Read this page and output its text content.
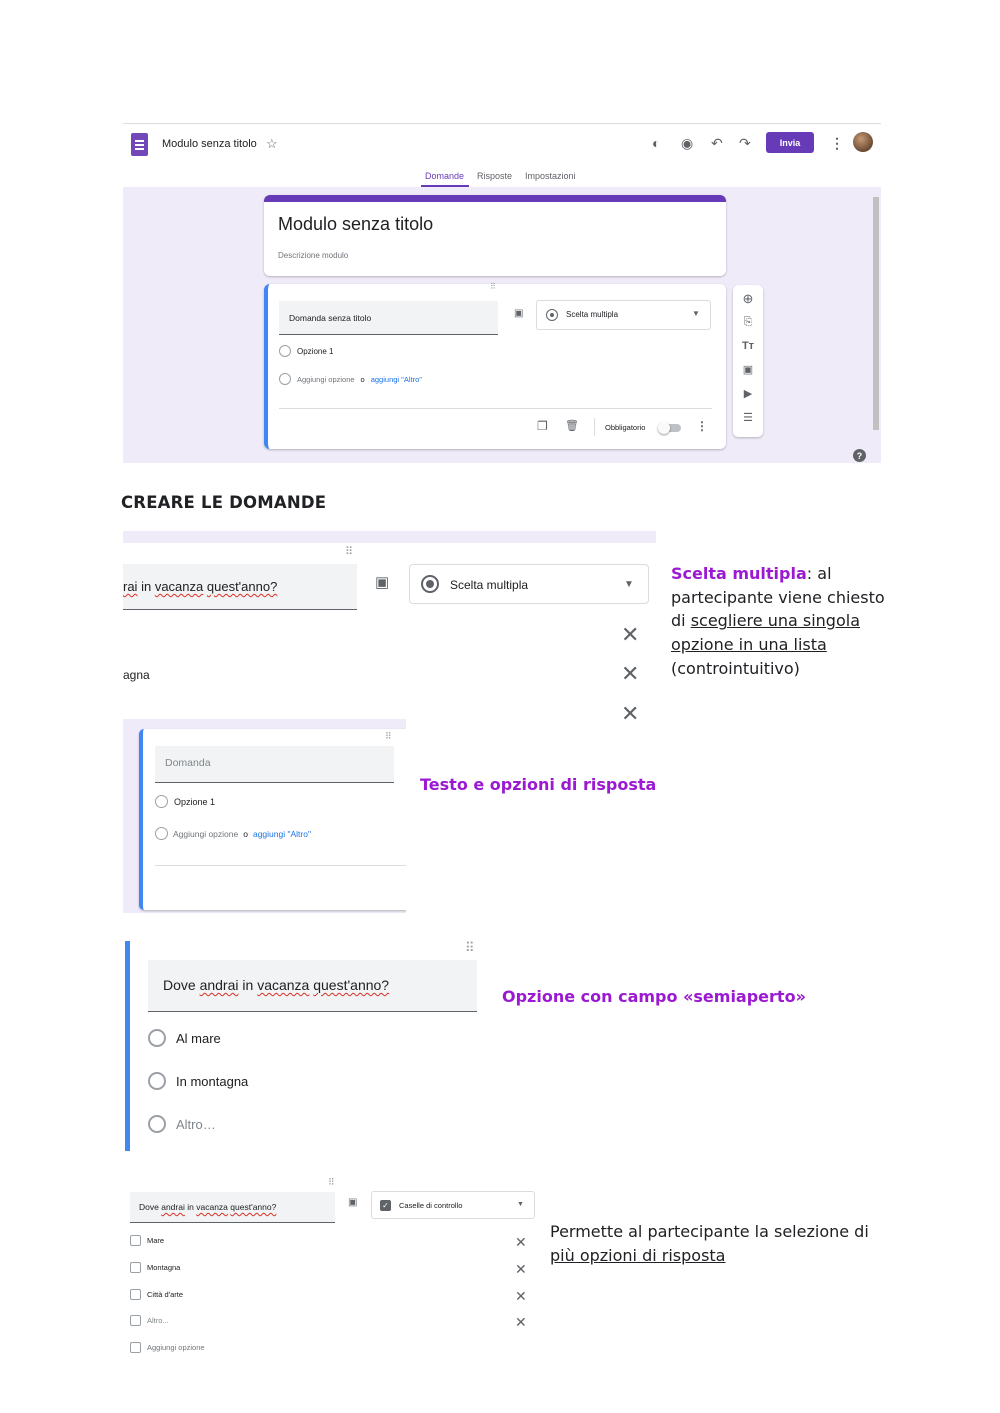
Modulo senza titolo ☆	◐ ◉ ↶ ↷	Invia	⋮
Domande Risposte Impostazioni
Modulo senza titolo
Descrizione modulo
⠿
Domanda senza titolo	▣	Scelta multipla	▼
Opzione 1
Aggiungi opzione o aggiungi "Altro"
❐ 🗑	Obbligatorio	⋮
⊕
⎘
Tт
▣
▶
☰
?
CREARE LE DOMANDE
⠿
rai in vacanza quest'anno?	▣	Scelta multipla	▼
✕
agna	✕
✕
Scelta multipla: al partecipante viene chiesto di scegliere una singola opzione in una lista (controintuitivo)
⠿
Domanda
Opzione 1
Aggiungi opzione o aggiungi "Altro"
Testo e opzioni di risposta
⠿
Dove andrai in vacanza quest'anno?
Al mare
In montagna
Altro…
Opzione con campo «semiaperto»
⠿
Dove andrai in vacanza quest'anno?	▣	✓ Caselle di controllo	▼
Mare	✕
Montagna	✕
Città d'arte	✕
Altro...	✕
Aggiungi opzione
Permette al partecipante la selezione di più opzioni di risposta
